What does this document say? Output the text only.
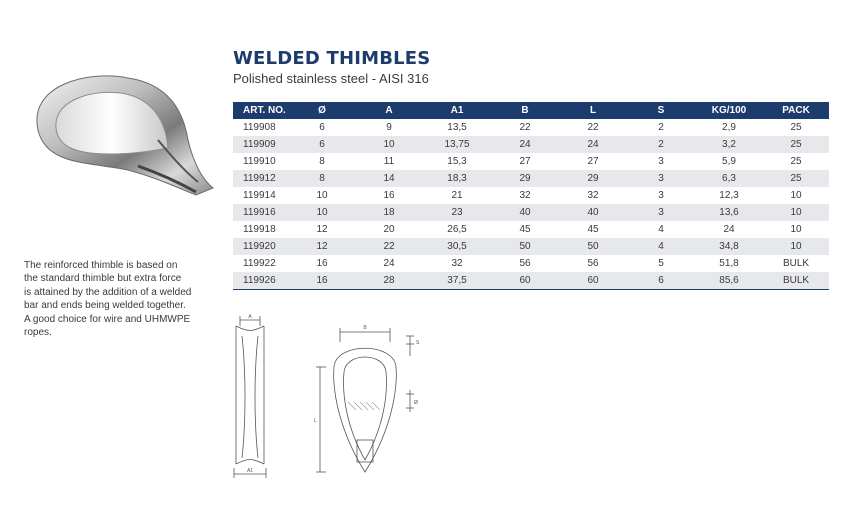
WELDED THIMBLES
Polished stainless steel - AISI 316
ART. NO.	Ø	A	A1	B	L	S	KG/100	PACK
119908	6	9	13,5	22	22	2	2,9	25
119909	6	10	13,75	24	24	2	3,2	25
119910	8	11	15,3	27	27	3	5,9	25
119912	8	14	18,3	29	29	3	6,3	25
119914	10	16	21	32	32	3	12,3	10
119916	10	18	23	40	40	3	13,6	10
119918	12	20	26,5	45	45	4	24	10
119920	12	22	30,5	50	50	4	34,8	10
119922	16	24	32	56	56	5	51,8	BULK
119926	16	28	37,5	60	60	6	85,6	BULK
The reinforced thimble is based on
the standard thimble but extra force
is attained by the addition of a welded
bar and ends being welded together.
A good choice for wire and UHMWPE
ropes.
A
A1
B
S
L
Ø
